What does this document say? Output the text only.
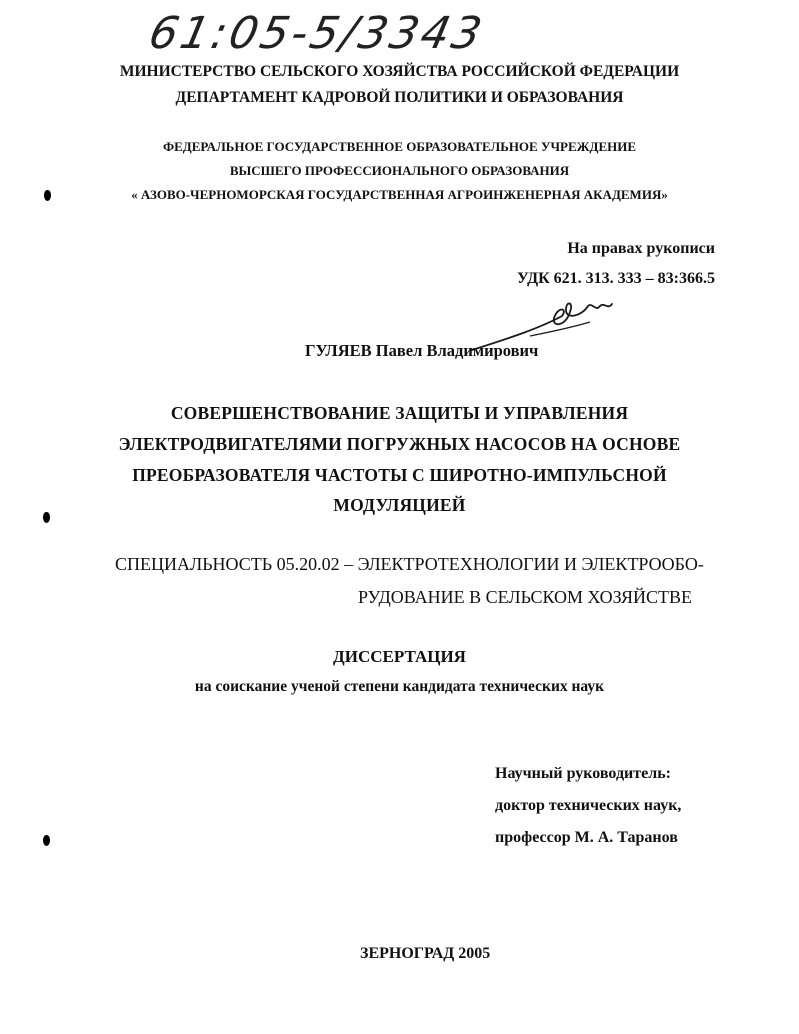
61:05-5/3343
МИНИСТЕРСТВО СЕЛЬСКОГО ХОЗЯЙСТВА РОССИЙСКОЙ ФЕДЕРАЦИИ
ДЕПАРТАМЕНТ КАДРОВОЙ ПОЛИТИКИ И ОБРАЗОВАНИЯ
ФЕДЕРАЛЬНОЕ ГОСУДАРСТВЕННОЕ ОБРАЗОВАТЕЛЬНОЕ УЧРЕЖДЕНИЕ
ВЫСШЕГО ПРОФЕССИОНАЛЬНОГО ОБРАЗОВАНИЯ
« АЗОВО-ЧЕРНОМОРСКАЯ ГОСУДАРСТВЕННАЯ АГРОИНЖЕНЕРНАЯ АКАДЕМИЯ»
На правах рукописи
УДК 621. 313. 333 – 83:366.5
ГУЛЯЕВ Павел Владимирович
СОВЕРШЕНСТВОВАНИЕ ЗАЩИТЫ И УПРАВЛЕНИЯ
ЭЛЕКТРОДВИГАТЕЛЯМИ ПОГРУЖНЫХ НАСОСОВ НА ОСНОВЕ
ПРЕОБРАЗОВАТЕЛЯ ЧАСТОТЫ С ШИРОТНО-ИМПУЛЬСНОЙ
МОДУЛЯЦИЕЙ
СПЕЦИАЛЬНОСТЬ 05.20.02 – ЭЛЕКТРОТЕХНОЛОГИИ И ЭЛЕКТРООБО-
РУДОВАНИЕ В СЕЛЬСКОМ ХОЗЯЙСТВЕ
ДИССЕРТАЦИЯ
на соискание ученой степени кандидата технических наук
Научный руководитель:
доктор технических наук,
профессор М. А. Таранов
ЗЕРНОГРАД 2005
